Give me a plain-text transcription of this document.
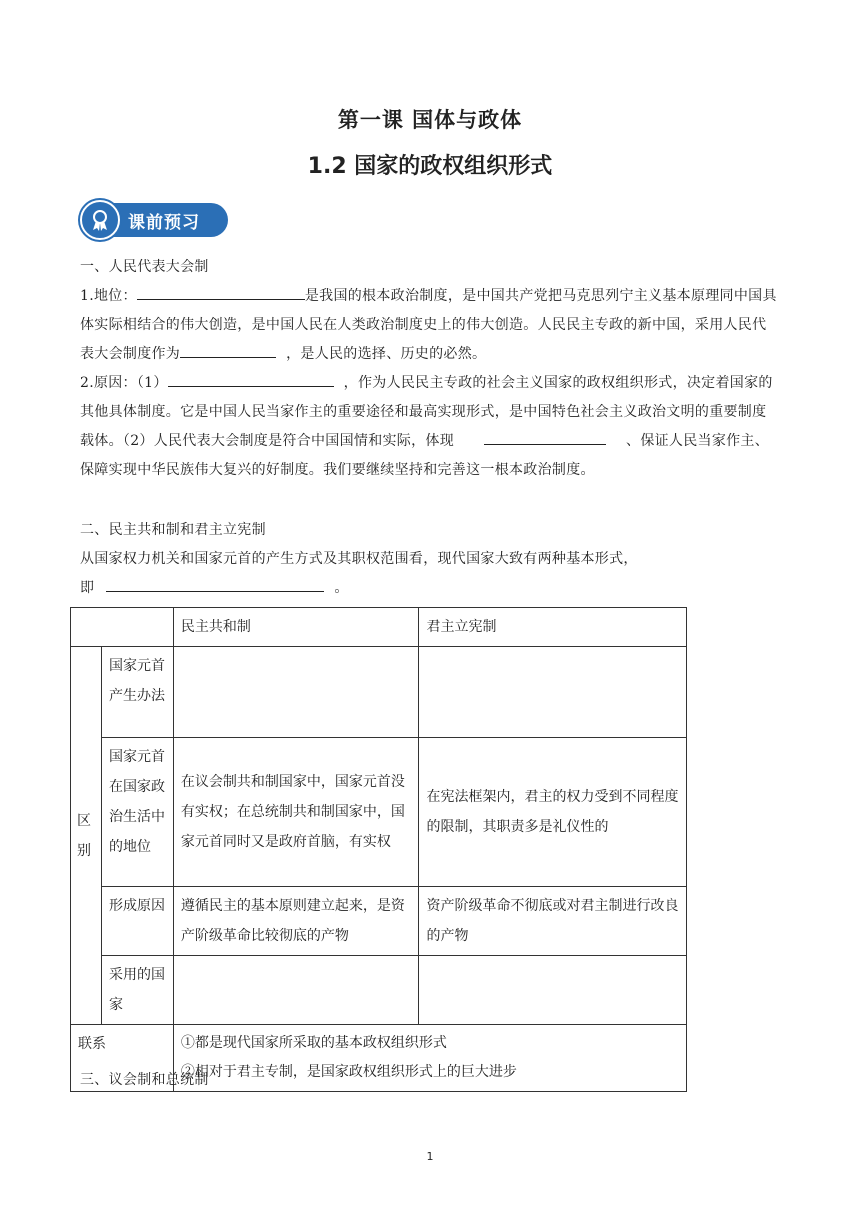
第一课 国体与政体
1.2 国家的政权组织形式
课前预习
一、人民代表大会制
1.地位：	是我国的根本政治制度，是中国共产党把马克思列宁主义基本原理同中国具体实际相结合的伟大创造，是中国人民在人类政治制度史上的伟大创造。人民民主专政的新中国，采用人民代表大会制度作为	，是人民的选择、历史的必然。
2.原因：（1）	，作为人民民主专政的社会主义国家的政权组织形式，决定着国家的其他具体制度。它是中国人民当家作主的重要途径和最高实现形式，是中国特色社会主义政治文明的重要制度载体。（2）人民代表大会制度是符合中国国情和实际，体现	、保证人民当家作主、保障实现中华民族伟大复兴的好制度。我们要继续坚持和完善这一根本政治制度。
二、民主共和制和君主立宪制
从国家权力机关和国家元首的产生方式及其职权范围看，现代国家大致有两种基本形式，
即	。
		民主共和制	君主立宪制
区别	国家元首产生办法		
	国家元首在国家政治生活中的地位	在议会制共和制国家中，国家元首没有实权；在总统制共和制国家中，国家元首同时又是政府首脑，有实权	在宪法框架内，君主的权力受到不同程度的限制，其职责多是礼仪性的
	形成原因	遵循民主的基本原则建立起来，是资产阶级革命比较彻底的产物	资产阶级革命不彻底或对君主制进行改良的产物
	采用的国家		
联系		①都是现代国家所采取的基本政权组织形式
②相对于君主专制，是国家政权组织形式上的巨大进步	
三、议会制和总统制
1
